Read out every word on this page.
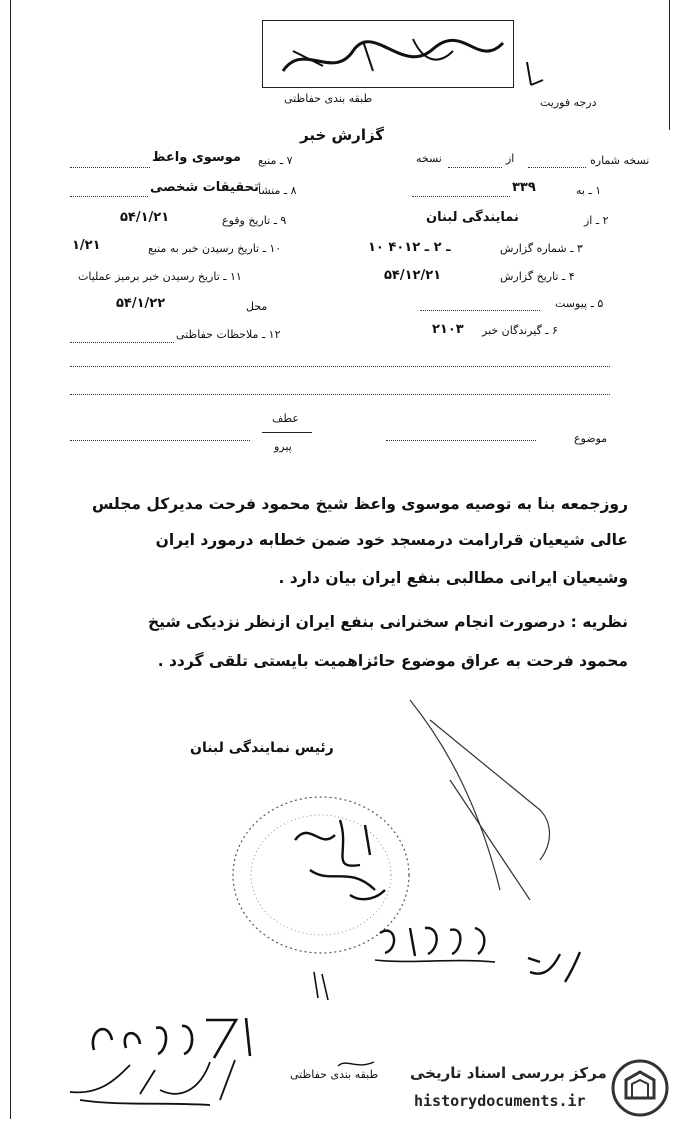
طبقه بندی حفاظتی	درجه فوریت
گزارش خبر
نسخه شماره
از
نسخه
۱ ـ به
۳۳۹
۲ ـ از
نمایندگی لبنان
۳ ـ شماره گزارش
۱۰ ـ ۲ ـ ۴۰۱۲
۴ ـ تاریخ گزارش
۵۴/۱۲/۲۱
۵ ـ پیوست
۶ ـ گیرندگان خبر
۲۱۰۳
۷ ـ منبع
موسوی واعظ
۸ ـ منشأ
تحقیقات شخصی
۹ ـ تاریخ وقوع
۵۴/۱/۲۱
۱۰ ـ تاریخ رسیدن خبر به منبع
۱/۲۱
۱۱ ـ تاریخ رسیدن خبر برمیز عملیات
محل
۵۴/۱/۲۲
۱۲ ـ ملاحظات حفاظتی
عطف
پیرو
موضوع
روزجمعه بنا به توصیه موسوی واعظ شیخ محمود فرحت مدیرکل مجلس
عالی شیعیان قرارامت درمسجد خود ضمن خطابه درمورد ایران
وشیعیان ایرانی مطالبی بنفع ایران بیان دارد .
نظریه : درصورت انجام سخنرانی بنفع ایران ازنظر نزدیکی شیخ
محمود فرحت به عراق موضوع حائزاهمیت بایستی تلقی گردد .
رئیس نمایندگی لبنان
طبقه بندی حفاظتی مرکز بررسی اسناد تاریخی
historydocuments.ir
